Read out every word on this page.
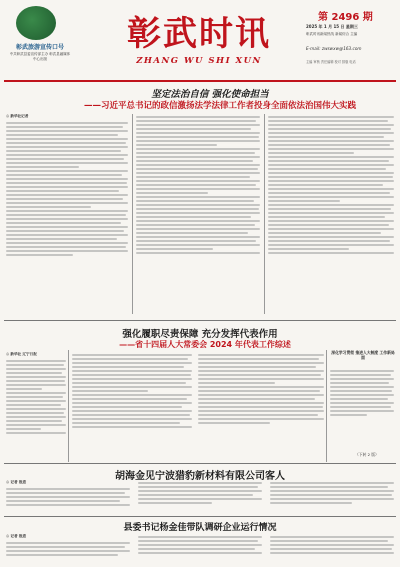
彰武旅游宣传口号
中共彰武县委宣传部主办 彰武县融媒体中心出版
彰武时讯
ZHANG WU SHI XUN
第 2496 期
2025 年 1 月 15 日 星期三
彰武时讯新闻热线 新闻综合 主编
E-mail: zwswxw@163.com
主编 审核 责任编辑 校对 排版 电话
坚定法治自信 强化使命担当
——习近平总书记的政信激扬法学法律工作者投身全面依法治国伟大实践
◎ 新华社记者
强化履职尽责保障 充分发挥代表作用
——省十四届人大常委会 2024 年代表工作综述
◎ 新华社 辽宁日报	深化学习贯彻 推进人大制度 工作新局面
（下转 2 版）
胡海金见宁波猎豹新材料有限公司客人
◎ 记者 报道
县委书记杨金佳带队调研企业运行情况
◎ 记者 报道
